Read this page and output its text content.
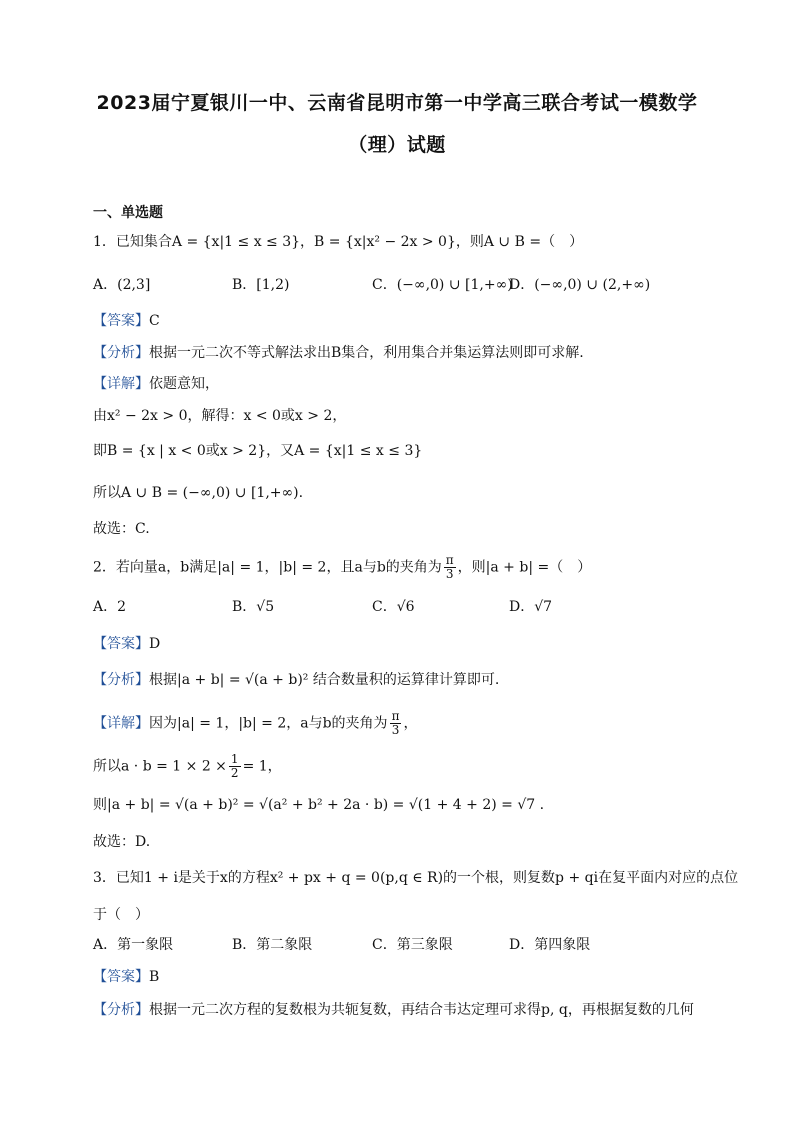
2023届宁夏银川一中、云南省昆明市第一中学高三联合考试一模数学
（理）试题
一、单选题
1．已知集合A = {x|1 ≤ x ≤ 3}，B = {x|x² − 2x > 0}，则A ∪ B =（　）
A．(2,3]	B．[1,2)	C．(−∞,0) ∪ [1,+∞)
D．(−∞,0) ∪ (2,+∞)
【答案】C
【分析】根据一元二次不等式解法求出B集合，利用集合并集运算法则即可求解.
【详解】依题意知，
由x² − 2x > 0，解得：x < 0或x > 2，
即B = {x | x < 0或x > 2}，又A = {x|1 ≤ x ≤ 3}
所以A ∪ B = (−∞,0) ∪ [1,+∞).
故选：C.
2．若向量a，b满足|a| = 1，|b| = 2，且a与b的夹角为 $\frac{\pi}{3}$ ，则|a + b| =（　）
A．2	B．√5	C．√6	D．√7
【答案】D
【分析】根据|a + b| = √(a + b)² 结合数量积的运算律计算即可.
【详解】因为|a| = 1，|b| = 2，a与b的夹角为 $\frac{\pi}{3}$ ，
所以$a \cdot b = 1 \times 2 \times \frac{1}{2} = 1$，
则|a + b| = √(a + b)² = √(a² + b² + 2a · b) = √(1 + 4 + 2) = √7 .
故选：D.
3．已知1 + i是关于x的方程x² + px + q = 0(p,q ∈ R)的一个根，则复数p + qi在复平面内对应的点位
于（　）
A．第一象限	B．第二象限	C．第三象限	D．第四象限
【答案】B
【分析】根据一元二次方程的复数根为共轭复数，再结合韦达定理可求得p, q，再根据复数的几何
